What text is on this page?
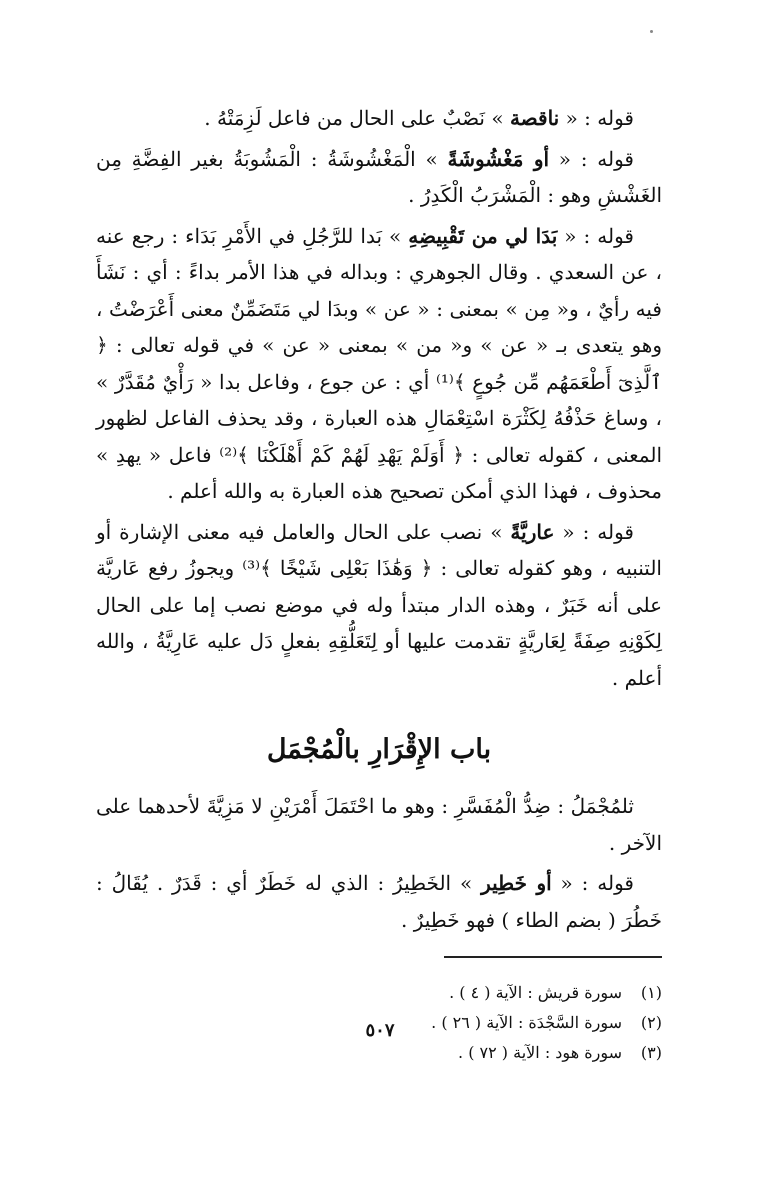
قوله : « ناقصة » نَصْبٌ على الحال من فاعل لَزِمَتْهُ .

قوله : « أو مَغْشُوشَةً » الْمَغْشُوشَةُ : الْمَشُوبَةُ بغير الفِضَّةِ مِن الغَشْشِ وهو : الْمَشْرَبُ الْكَدِرُ .

قوله : « بَدَا لي من تَقْبِيضِهِ » بَدا للرَّجُلِ في الأَمْرِ بَدَاء : رجع عنه ، عن السعدي . وقال الجوهري : وبداله في هذا الأمر بداءً : أي : نَشَأَ فيه رأيٌ ، و« مِن » بمعنى : « عن » وبدَا لي مَتَضَمِّنٌ معنى أَعْرَضْتُ ، وهو يتعدى بـ « عن » و« من » بمعنى « عن » في قوله تعالى : ﴿ ٱلَّذِىٓ أَطْعَمَهُم مِّن جُوعٍ ﴾⁽¹⁾ أي : عن جوع ، وفاعل بدا « رَأْيٌ مُقَدَّرٌ » ، وساغ حَذْفُهُ لِكَثْرَة اسْتِعْمَالِ هذه العبارة ، وقد يحذف الفاعل لظهور المعنى ، كقوله تعالى : ﴿ أَوَلَمْ يَهْدِ لَهُمْ كَمْ أَهْلَكْنَا ﴾⁽²⁾ فاعل « يهدِ » محذوف ، فهذا الذي أمكن تصحيح هذه العبارة به والله أعلم .

قوله : « عاريَّةً » نصب على الحال والعامل فيه معنى الإشارة أو التنبيه ، وهو كقوله تعالى : ﴿ وَهَٰذَا بَعْلِى شَيْخًا ﴾⁽³⁾ ويجوزُ رفع عَاريَّة على أنه خَبَرٌ ، وهذه الدار مبتدأ وله في موضع نصب إما على الحال لِكَوْنِهِ صِفَةً لِعَاريَّةٍ تقدمت عليها أو لِتَعَلُّقِهِ بفعلٍ دَل عليه عَارِيَّةُ ، والله أعلم .

باب الإِقْرَارِ بالْمُجْمَل

ثلمُجْمَلُ : ضِدُّ الْمُفَسَّرِ : وهو ما احْتَمَلَ أَمْرَيْنِ لا مَزِيَّةَ لأحدهما على الآخر .

قوله : « أو خَطِير » الخَطِيرُ : الذي له خَطَرٌ أي : قَدَرٌ . يُقَالُ : خَطُرَ ( بضم الطاء ) فهو خَطِيرٌ .

(١)
سورة قريش : الآية ( ٤ ) .
(٢)
سورة السَّجْدَة : الآية ( ٢٦ ) .
(٣)
سورة هود : الآية ( ٧٢ ) .
٥٠٧
